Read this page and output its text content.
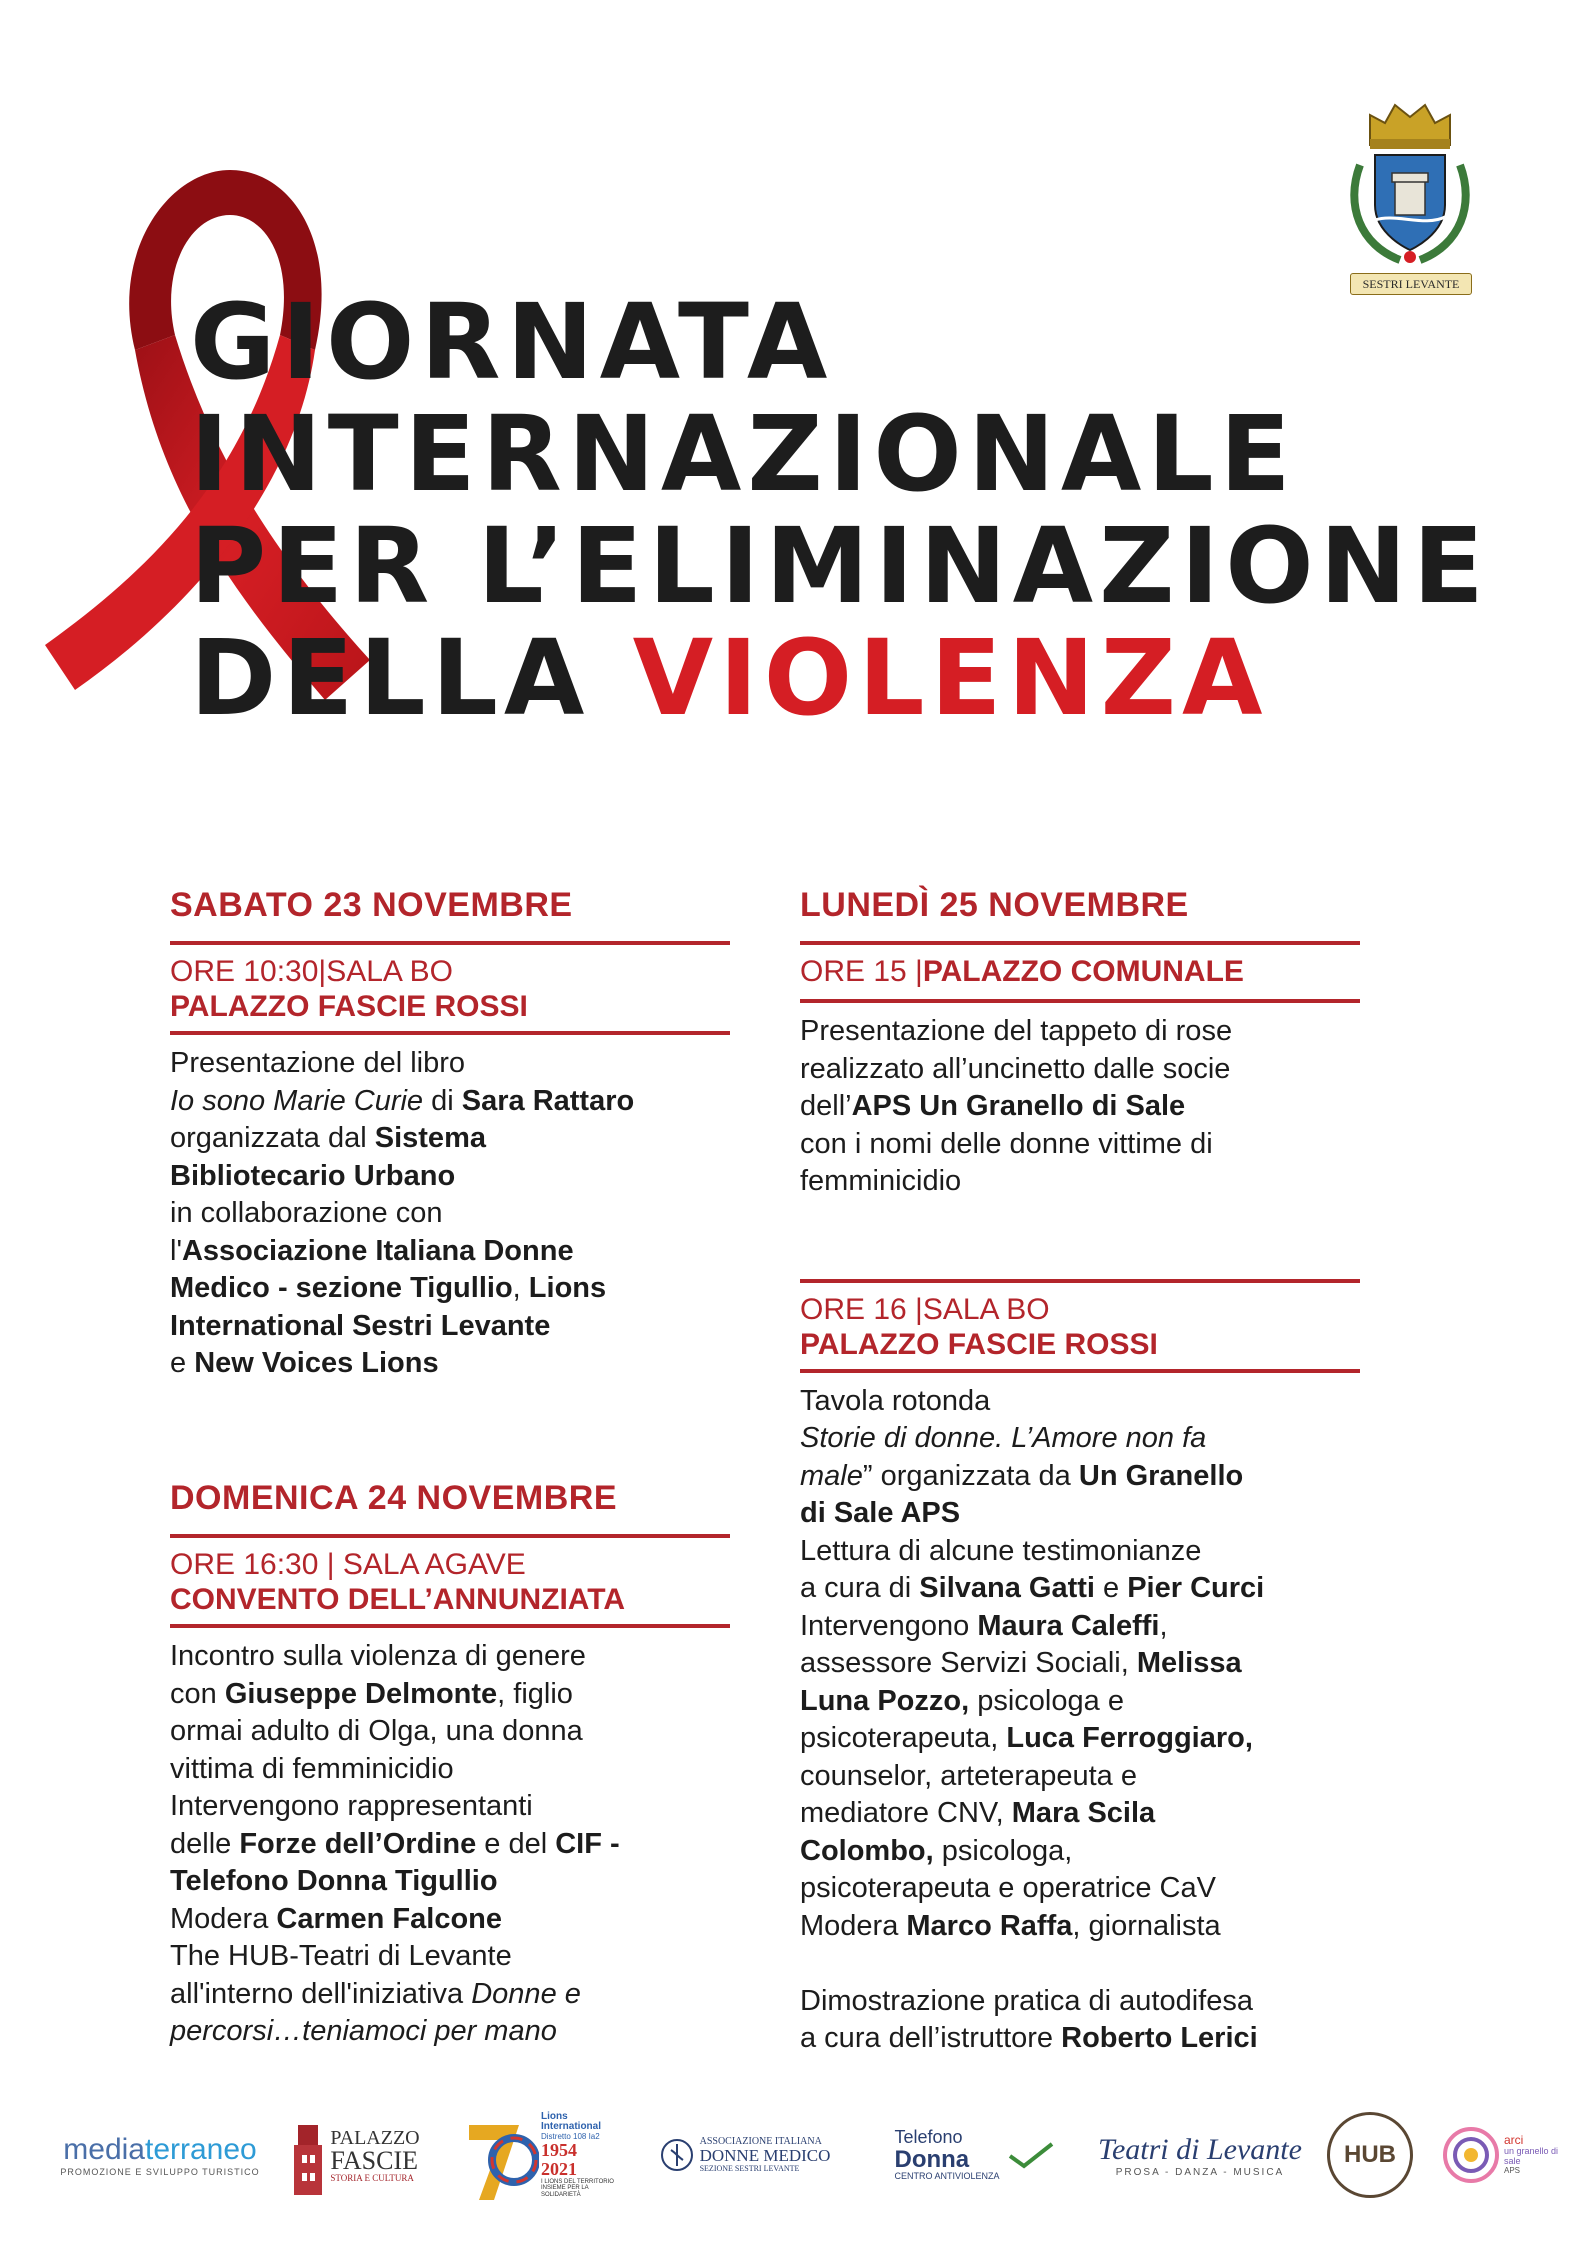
GIORNATA
INTERNAZIONALE
PER L’ELIMINAZIONE
DELLA VIOLENZA
SESTRI LEVANTE
SABATO 23 NOVEMBRE
ORE 10:30|SALA BO
PALAZZO FASCIE ROSSI
Presentazione del libro
Io sono Marie Curie di Sara Rattaro
organizzata dal Sistema
Bibliotecario Urbano
in collaborazione con
l'Associazione Italiana Donne
Medico - sezione Tigullio, Lions
International Sestri Levante
e New Voices Lions
DOMENICA 24 NOVEMBRE
ORE 16:30 | SALA AGAVE
CONVENTO DELL’ANNUNZIATA
Incontro sulla violenza di genere
con Giuseppe Delmonte, figlio
ormai adulto di Olga, una donna
vittima di femminicidio
Intervengono rappresentanti
delle Forze dell’Ordine e del CIF -
Telefono Donna Tigullio
Modera Carmen Falcone
The HUB-Teatri di Levante
all'interno dell'iniziativa Donne e
percorsi…teniamoci per mano
LUNEDÌ 25 NOVEMBRE
ORE 15 |PALAZZO COMUNALE
Presentazione del tappeto di rose
realizzato all’uncinetto dalle socie
dell’APS Un Granello di Sale
con i nomi delle donne vittime di
femminicidio
ORE 16 |SALA BO
PALAZZO FASCIE ROSSI
Tavola rotonda
Storie di donne. L’Amore non fa
male” organizzata da Un Granello
di Sale APS
Lettura di alcune testimonianze
a cura di Silvana Gatti e Pier Curci
Intervengono Maura Caleffi,
assessore Servizi Sociali, Melissa
Luna Pozzo, psicologa e
psicoterapeuta, Luca Ferroggiaro,
counselor, arteterapeuta e
mediatore CNV, Mara Scila
Colombo, psicologa,
psicoterapeuta e operatrice CaV
Modera Marco Raffa, giornalista
Dimostrazione pratica di autodifesa
a cura dell’istruttore Roberto Lerici
mediaterraneo
PROMOZIONE E SVILUPPO TURISTICO
PALAZZO
FASCIE
STORIA E CULTURA
Lions International
Distretto 108 Ia2
1954
2021
I LIONS DEL TERRITORIO INSIEME PER LA SOLIDARIETÀ
ASSOCIAZIONE ITALIANA
DONNE MEDICO
SEZIONE SESTRI LEVANTE
Telefono
Donna
CENTRO ANTIVIOLENZA
Teatri di Levante
PROSA - DANZA - MUSICA
HUB
arci
un granello di sale
APS
